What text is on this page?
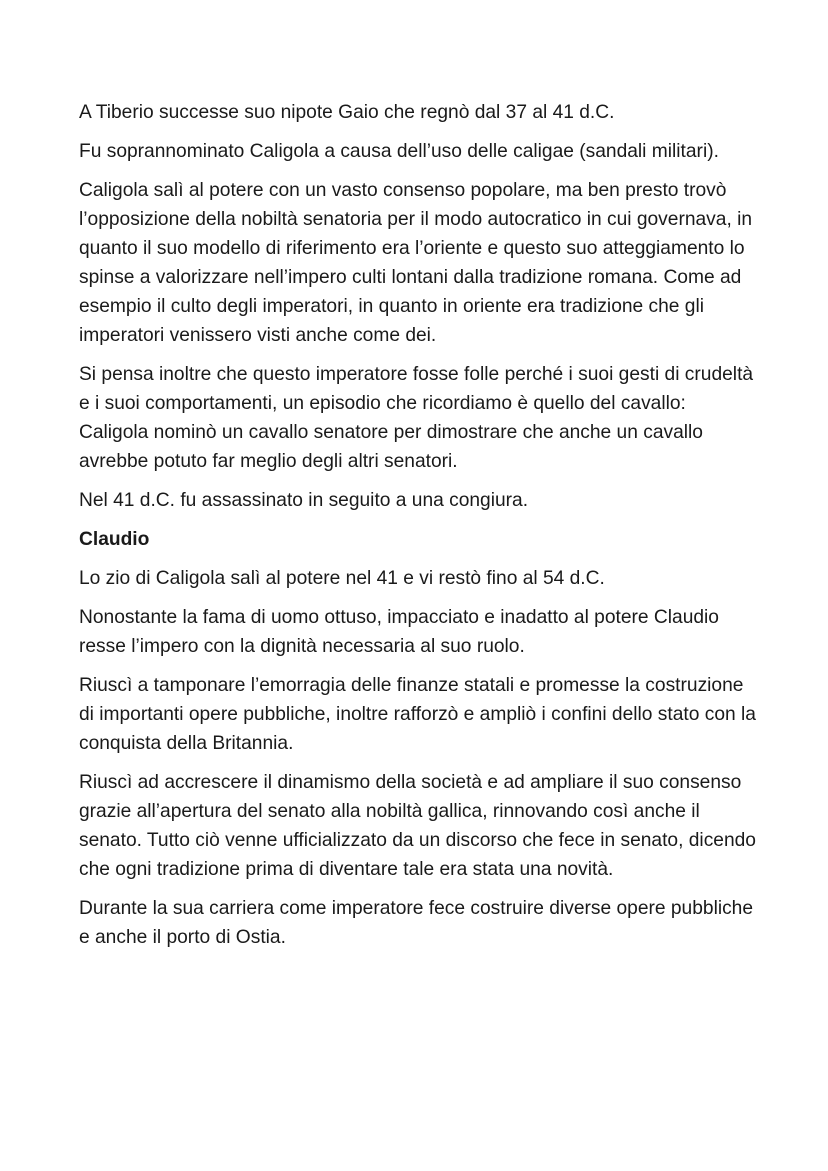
A Tiberio successe suo nipote Gaio che regnò dal 37 al 41 d.C.

Fu soprannominato Caligola a causa dell’uso delle caligae (sandali militari).

Caligola salì al potere con un vasto consenso popolare, ma ben presto trovò l’opposizione della nobiltà senatoria per il modo autocratico in cui governava, in quanto il suo modello di riferimento era l’oriente e questo suo atteggiamento lo spinse a valorizzare nell’impero culti lontani dalla tradizione romana. Come ad esempio il culto degli imperatori, in quanto in oriente era tradizione che gli imperatori venissero visti anche come dei.

Si pensa inoltre che questo imperatore fosse folle perché i suoi gesti di crudeltà e i suoi comportamenti, un episodio che ricordiamo è quello del cavallo: Caligola nominò un cavallo senatore per dimostrare che anche un cavallo avrebbe potuto far meglio degli altri senatori.

Nel 41 d.C. fu assassinato in seguito a una congiura.

Claudio

Lo zio di Caligola salì al potere nel 41 e vi restò fino al 54 d.C.

Nonostante la fama di uomo ottuso, impacciato e inadatto al potere Claudio resse l’impero con la dignità necessaria al suo ruolo.

Riuscì a tamponare l’emorragia delle finanze statali e promesse la costruzione di importanti opere pubbliche, inoltre rafforzò e ampliò i confini dello stato con la conquista della Britannia.

Riuscì ad accrescere il dinamismo della società e ad ampliare il suo consenso grazie all’apertura del senato alla nobiltà gallica, rinnovando così anche il senato. Tutto ciò venne ufficializzato da un discorso che fece in senato, dicendo che ogni tradizione prima di diventare tale era stata una novità.

Durante la sua carriera come imperatore fece costruire diverse opere pubbliche e anche il porto di Ostia.
